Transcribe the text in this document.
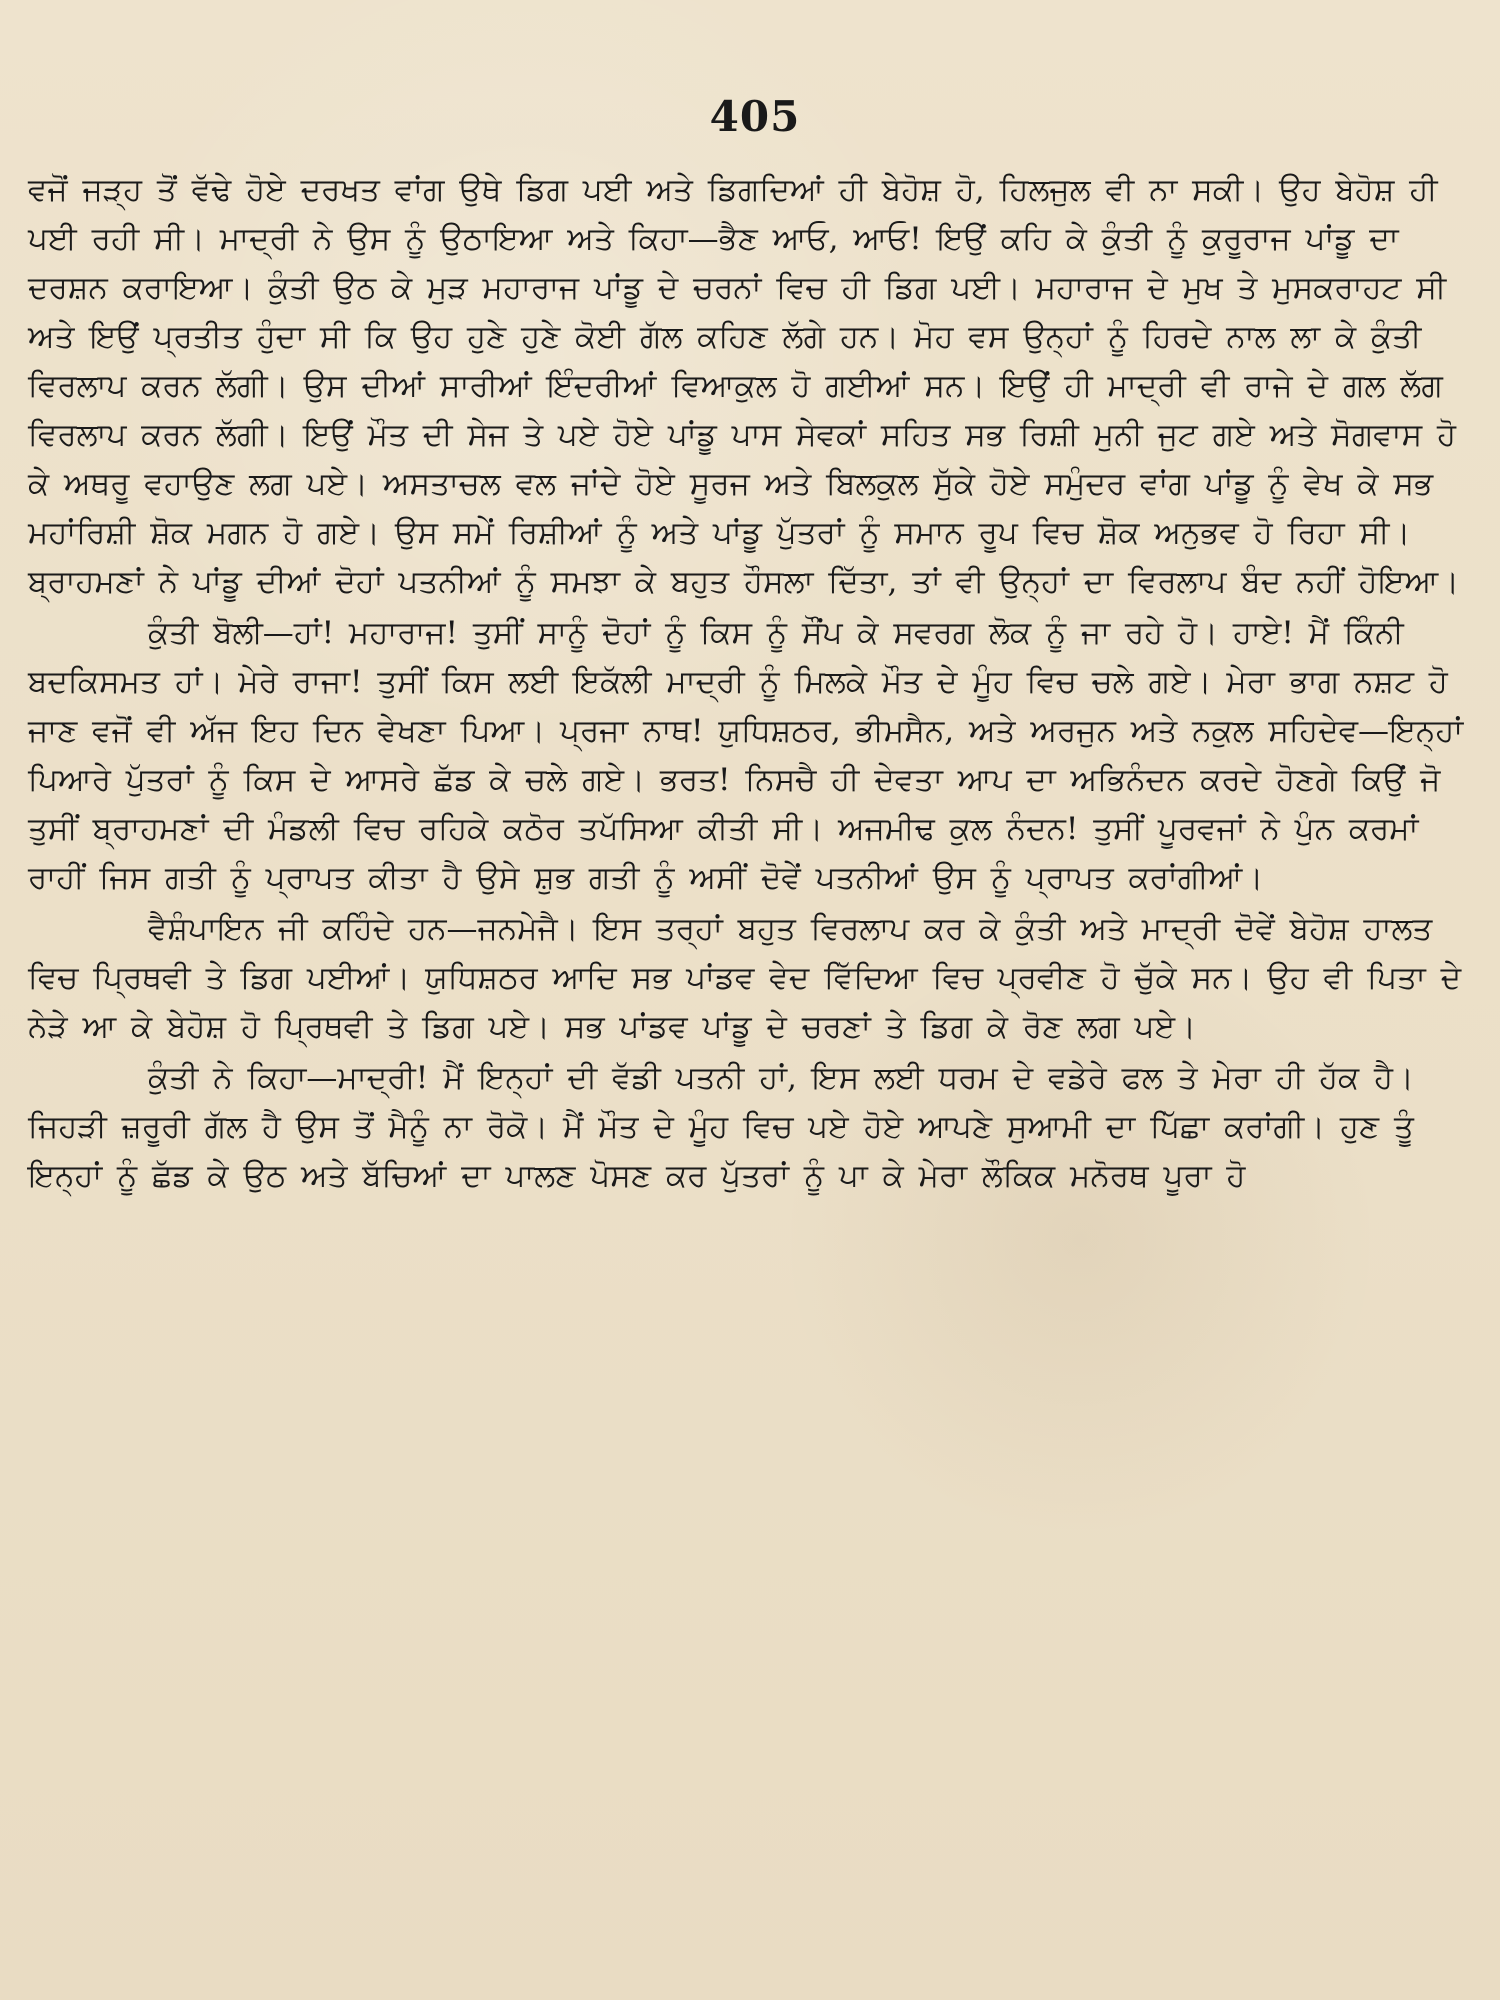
405

ਵਜੋਂ ਜੜ੍ਹ ਤੋਂ ਵੱਢੇ ਹੋਏ ਦਰਖਤ ਵਾਂਗ ਉਥੇ ਡਿਗ ਪਈ ਅਤੇ ਡਿਗਦਿਆਂ ਹੀ ਬੇਹੋਸ਼ ਹੋ, ਹਿਲਜੁਲ ਵੀ ਨਾ ਸਕੀ। ਉਹ ਬੇਹੋਸ਼ ਹੀ ਪਈ ਰਹੀ ਸੀ। ਮਾਦ੍ਰੀ ਨੇ ਉਸ ਨੂੰ ਉਠਾਇਆ ਅਤੇ ਕਿਹਾ—ਭੈਣ ਆਓ, ਆਓ! ਇਉਂ ਕਹਿ ਕੇ ਕੁੰਤੀ ਨੂੰ ਕੁਰੂਰਾਜ ਪਾਂਡੂ ਦਾ ਦਰਸ਼ਨ ਕਰਾਇਆ। ਕੁੰਤੀ ਉਠ ਕੇ ਮੁੜ ਮਹਾਰਾਜ ਪਾਂਡੂ ਦੇ ਚਰਨਾਂ ਵਿਚ ਹੀ ਡਿਗ ਪਈ। ਮਹਾਰਾਜ ਦੇ ਮੁਖ ਤੇ ਮੁਸਕਰਾਹਟ ਸੀ ਅਤੇ ਇਉਂ ਪ੍ਰਤੀਤ ਹੁੰਦਾ ਸੀ ਕਿ ਉਹ ਹੁਣੇ ਹੁਣੇ ਕੋਈ ਗੱਲ ਕਹਿਣ ਲੱਗੇ ਹਨ। ਮੋਹ ਵਸ ਉਨ੍ਹਾਂ ਨੂੰ ਹਿਰਦੇ ਨਾਲ ਲਾ ਕੇ ਕੁੰਤੀ ਵਿਰਲਾਪ ਕਰਨ ਲੱਗੀ। ਉਸ ਦੀਆਂ ਸਾਰੀਆਂ ਇੰਦਰੀਆਂ ਵਿਆਕੁਲ ਹੋ ਗਈਆਂ ਸਨ। ਇਉਂ ਹੀ ਮਾਦ੍ਰੀ ਵੀ ਰਾਜੇ ਦੇ ਗਲ ਲੱਗ ਵਿਰਲਾਪ ਕਰਨ ਲੱਗੀ। ਇਉਂ ਮੌਤ ਦੀ ਸੇਜ ਤੇ ਪਏ ਹੋਏ ਪਾਂਡੂ ਪਾਸ ਸੇਵਕਾਂ ਸਹਿਤ ਸਭ ਰਿਸ਼ੀ ਮੁਨੀ ਜੁਟ ਗਏ ਅਤੇ ਸੋਗਵਾਸ ਹੋ ਕੇ ਅਥਰੂ ਵਹਾਉਣ ਲਗ ਪਏ। ਅਸਤਾਚਲ ਵਲ ਜਾਂਦੇ ਹੋਏ ਸੂਰਜ ਅਤੇ ਬਿਲਕੁਲ ਸੁੱਕੇ ਹੋਏ ਸਮੁੰਦਰ ਵਾਂਗ ਪਾਂਡੂ ਨੂੰ ਵੇਖ ਕੇ ਸਭ ਮਹਾਂਰਿਸ਼ੀ ਸ਼ੋਕ ਮਗਨ ਹੋ ਗਏ। ਉਸ ਸਮੇਂ ਰਿਸ਼ੀਆਂ ਨੂੰ ਅਤੇ ਪਾਂਡੂ ਪੁੱਤਰਾਂ ਨੂੰ ਸਮਾਨ ਰੂਪ ਵਿਚ ਸ਼ੋਕ ਅਨੁਭਵ ਹੋ ਰਿਹਾ ਸੀ। ਬ੍ਰਾਹਮਣਾਂ ਨੇ ਪਾਂਡੂ ਦੀਆਂ ਦੋਹਾਂ ਪਤਨੀਆਂ ਨੂੰ ਸਮਝਾ ਕੇ ਬਹੁਤ ਹੌਸਲਾ ਦਿੱਤਾ, ਤਾਂ ਵੀ ਉਨ੍ਹਾਂ ਦਾ ਵਿਰਲਾਪ ਬੰਦ ਨਹੀਂ ਹੋਇਆ।

ਕੁੰਤੀ ਬੋਲੀ—ਹਾਂ! ਮਹਾਰਾਜ! ਤੁਸੀਂ ਸਾਨੂੰ ਦੋਹਾਂ ਨੂੰ ਕਿਸ ਨੂੰ ਸੌਂਪ ਕੇ ਸਵਰਗ ਲੋਕ ਨੂੰ ਜਾ ਰਹੇ ਹੋ। ਹਾਏ! ਮੈਂ ਕਿੰਨੀ ਬਦਕਿਸਮਤ ਹਾਂ। ਮੇਰੇ ਰਾਜਾ! ਤੁਸੀਂ ਕਿਸ ਲਈ ਇਕੱਲੀ ਮਾਦ੍ਰੀ ਨੂੰ ਮਿਲਕੇ ਮੌਤ ਦੇ ਮੂੰਹ ਵਿਚ ਚਲੇ ਗਏ। ਮੇਰਾ ਭਾਗ ਨਸ਼ਟ ਹੋ ਜਾਣ ਵਜੋਂ ਵੀ ਅੱਜ ਇਹ ਦਿਨ ਵੇਖਣਾ ਪਿਆ। ਪ੍ਰਜਾ ਨਾਥ! ਯੁਧਿਸ਼ਠਰ, ਭੀਮਸੈਨ, ਅਤੇ ਅਰਜੁਨ ਅਤੇ ਨਕੁਲ ਸਹਿਦੇਵ—ਇਨ੍ਹਾਂ ਪਿਆਰੇ ਪੁੱਤਰਾਂ ਨੂੰ ਕਿਸ ਦੇ ਆਸਰੇ ਛੱਡ ਕੇ ਚਲੇ ਗਏ। ਭਰਤ! ਨਿਸਚੈ ਹੀ ਦੇਵਤਾ ਆਪ ਦਾ ਅਭਿਨੰਦਨ ਕਰਦੇ ਹੋਣਗੇ ਕਿਉਂ ਜੋ ਤੁਸੀਂ ਬ੍ਰਾਹਮਣਾਂ ਦੀ ਮੰਡਲੀ ਵਿਚ ਰਹਿਕੇ ਕਠੋਰ ਤਪੱਸਿਆ ਕੀਤੀ ਸੀ। ਅਜਮੀਢ ਕੁਲ ਨੰਦਨ! ਤੁਸੀਂ ਪੂਰਵਜਾਂ ਨੇ ਪੁੰਨ ਕਰਮਾਂ ਰਾਹੀਂ ਜਿਸ ਗਤੀ ਨੂੰ ਪ੍ਰਾਪਤ ਕੀਤਾ ਹੈ ਉਸੇ ਸ਼ੁਭ ਗਤੀ ਨੂੰ ਅਸੀਂ ਦੋਵੇਂ ਪਤਨੀਆਂ ਉਸ ਨੂੰ ਪ੍ਰਾਪਤ ਕਰਾਂਗੀਆਂ।

ਵੈਸ਼ੰਪਾਇਨ ਜੀ ਕਹਿੰਦੇ ਹਨ—ਜਨਮੇਜੈ। ਇਸ ਤਰ੍ਹਾਂ ਬਹੁਤ ਵਿਰਲਾਪ ਕਰ ਕੇ ਕੁੰਤੀ ਅਤੇ ਮਾਦ੍ਰੀ ਦੋਵੇਂ ਬੇਹੋਸ਼ ਹਾਲਤ ਵਿਚ ਪ੍ਰਿਥਵੀ ਤੇ ਡਿਗ ਪਈਆਂ। ਯੁਧਿਸ਼ਠਰ ਆਦਿ ਸਭ ਪਾਂਡਵ ਵੇਦ ਵਿੱਦਿਆ ਵਿਚ ਪ੍ਰਵੀਣ ਹੋ ਚੁੱਕੇ ਸਨ। ਉਹ ਵੀ ਪਿਤਾ ਦੇ ਨੇੜੇ ਆ ਕੇ ਬੇਹੋਸ਼ ਹੋ ਪ੍ਰਿਥਵੀ ਤੇ ਡਿਗ ਪਏ। ਸਭ ਪਾਂਡਵ ਪਾਂਡੂ ਦੇ ਚਰਣਾਂ ਤੇ ਡਿਗ ਕੇ ਰੋਣ ਲਗ ਪਏ।

ਕੁੰਤੀ ਨੇ ਕਿਹਾ—ਮਾਦ੍ਰੀ! ਮੈਂ ਇਨ੍ਹਾਂ ਦੀ ਵੱਡੀ ਪਤਨੀ ਹਾਂ, ਇਸ ਲਈ ਧਰਮ ਦੇ ਵਡੇਰੇ ਫਲ ਤੇ ਮੇਰਾ ਹੀ ਹੱਕ ਹੈ। ਜਿਹੜੀ ਜ਼ਰੂਰੀ ਗੱਲ ਹੈ ਉਸ ਤੋਂ ਮੈਨੂੰ ਨਾ ਰੋਕੋ। ਮੈਂ ਮੌਤ ਦੇ ਮੂੰਹ ਵਿਚ ਪਏ ਹੋਏ ਆਪਣੇ ਸੁਆਮੀ ਦਾ ਪਿੱਛਾ ਕਰਾਂਗੀ। ਹੁਣ ਤੂੰ ਇਨ੍ਹਾਂ ਨੂੰ ਛੱਡ ਕੇ ਉਠ ਅਤੇ ਬੱਚਿਆਂ ਦਾ ਪਾਲਣ ਪੋਸਣ ਕਰ ਪੁੱਤਰਾਂ ਨੂੰ ਪਾ ਕੇ ਮੇਰਾ ਲੌਕਿਕ ਮਨੋਰਥ ਪੂਰਾ ਹੋ
